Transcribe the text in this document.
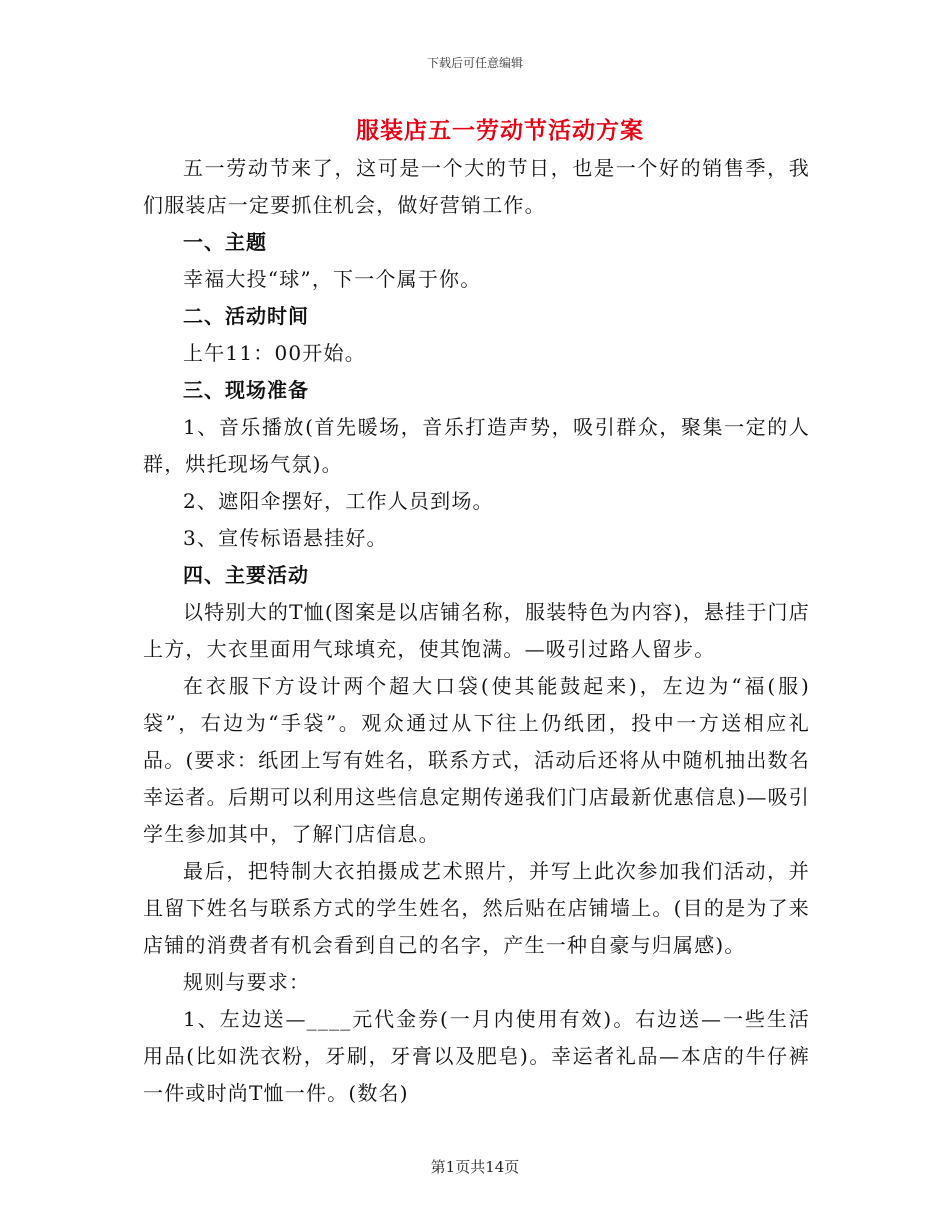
下载后可任意编辑
服装店五一劳动节活动方案

五一劳动节来了，这可是一个大的节日，也是一个好的销售季，我们服装店一定要抓住机会，做好营销工作。

一、主题

幸福大投“球”，下一个属于你。

二、活动时间

上午11：00开始。

三、现场准备

1、音乐播放(首先暖场，音乐打造声势，吸引群众，聚集一定的人群，烘托现场气氛)。

2、遮阳伞摆好，工作人员到场。

3、宣传标语悬挂好。

四、主要活动

以特别大的T恤(图案是以店铺名称，服装特色为内容)，悬挂于门店上方，大衣里面用气球填充，使其饱满。—吸引过路人留步。

在衣服下方设计两个超大口袋(使其能鼓起来)，左边为“福(服)袋”，右边为“手袋”。观众通过从下往上仍纸团，投中一方送相应礼品。(要求：纸团上写有姓名，联系方式，活动后还将从中随机抽出数名幸运者。后期可以利用这些信息定期传递我们门店最新优惠信息)—吸引学生参加其中，了解门店信息。

最后，把特制大衣拍摄成艺术照片，并写上此次参加我们活动，并且留下姓名与联系方式的学生姓名，然后贴在店铺墙上。(目的是为了来店铺的消费者有机会看到自己的名字，产生一种自豪与归属感)。

规则与要求：

1、左边送—____元代金券(一月内使用有效)。右边送—一些生活用品(比如洗衣粉，牙刷，牙膏以及肥皂)。幸运者礼品—本店的牛仔裤一件或时尚T恤一件。(数名)

第1页共14页
